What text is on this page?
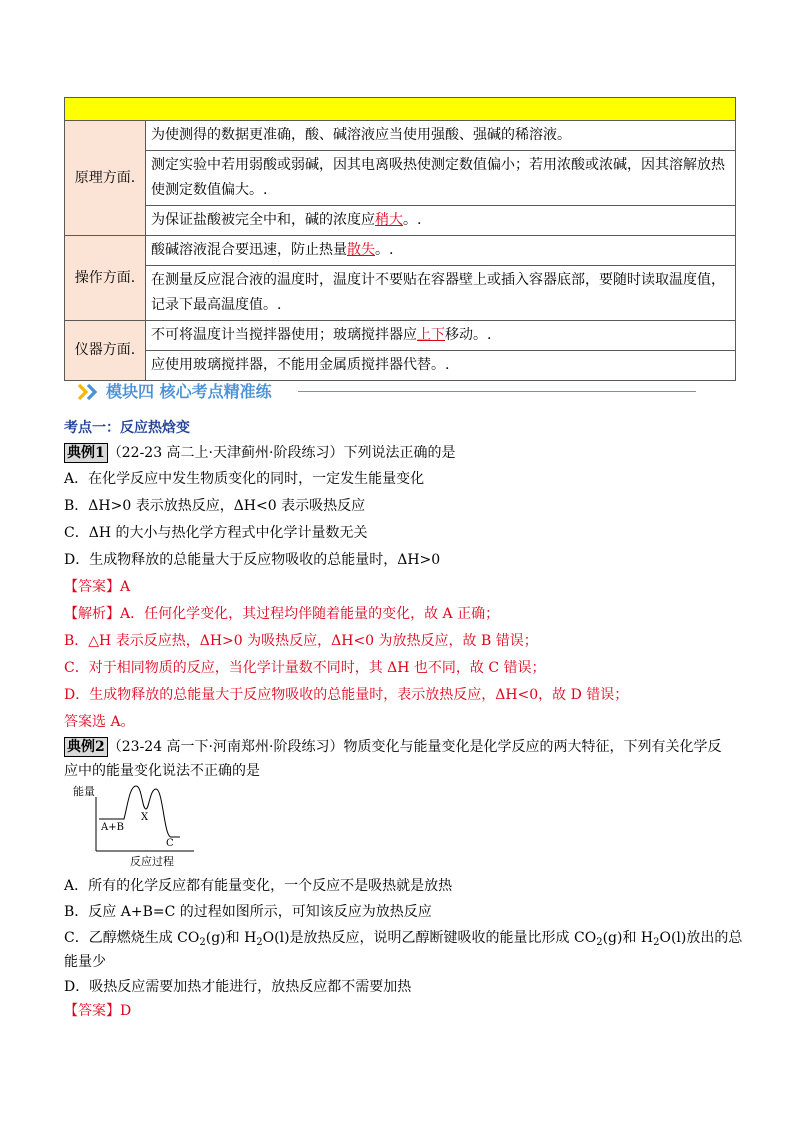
原理方面.	为使测得的数据更准确，酸、碱溶液应当使用强酸、强碱的稀溶液。
	测定实验中若用弱酸或弱碱，因其电离吸热使测定数值偏小；若用浓酸或浓碱，因其溶解放热使测定数值偏大。.
	为保证盐酸被完全中和，碱的浓度应稍大。.
操作方面.	酸碱溶液混合要迅速，防止热量散失。.
	在测量反应混合液的温度时，温度计不要贴在容器壁上或插入容器底部，要随时读取温度值，记录下最高温度值。.
仪器方面.	不可将温度计当搅拌器使用；玻璃搅拌器应上下移动。.
	应使用玻璃搅拌器，不能用金属质搅拌器代替。.
模块四 核心考点精准练
考点一：反应热焓变
典例1 （22-23 高二上·天津蓟州·阶段练习）下列说法正确的是
A．在化学反应中发生物质变化的同时，一定发生能量变化
B．ΔH>0 表示放热反应，ΔH<0 表示吸热反应
C．ΔH 的大小与热化学方程式中化学计量数无关
D．生成物释放的总能量大于反应物吸收的总能量时，ΔH>0
【答案】A
【解析】A．任何化学变化，其过程均伴随着能量的变化，故 A 正确；
B．△H 表示反应热，ΔH>0 为吸热反应，ΔH<0 为放热反应，故 B 错误；
C．对于相同物质的反应，当化学计量数不同时，其 ΔH 也不同，故 C 错误；
D．生成物释放的总能量大于反应物吸收的总能量时，表示放热反应，ΔH<0，故 D 错误；
答案选 A。
典例2 （23-24 高一下·河南郑州·阶段练习）物质变化与能量变化是化学反应的两大特征，下列有关化学反
应中的能量变化说法不正确的是
能量
A+B
X
C
反应过程
A．所有的化学反应都有能量变化，一个反应不是吸热就是放热
B．反应 A+B=C 的过程如图所示，可知该反应为放热反应
C．乙醇燃烧生成 $CO_2(g)$和 $H_2O(l)$是放热反应，说明乙醇断键吸收的能量比形成 $CO_2(g)$和 $H_2O(l)$放出的总
能量少
D．吸热反应需要加热才能进行，放热反应都不需要加热
【答案】D
